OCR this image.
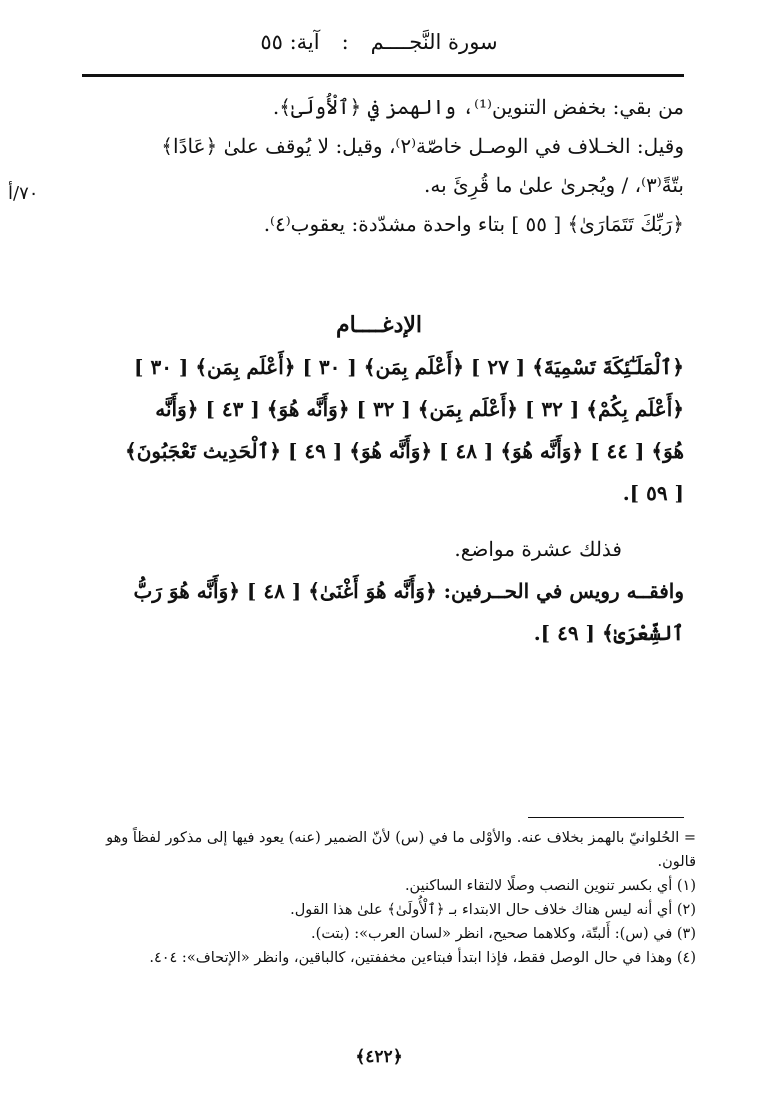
سورة النَّجــــم:آية: ٥٥
من بقي: بخفض التنوين⁽¹⁾، والهمز في ﴿ٱلْأُولَىٰ﴾.
وقيل: الخـلاف في الوصـل خاصّة⁽٢⁾، وقيل: لا يُوقف علىٰ ﴿عَادًا﴾
بتّةً⁽٣⁾، / ويُجرىٰ علىٰ ما قُرِئَ به.
﴿رَبِّكَ تَتَمَارَىٰ﴾ [ ٥٥ ] بتاء واحدة مشدّدة: يعقوب⁽٤⁾.
٧٠/أ
الإدغــــام
﴿ٱلْمَلَـٰٓئِكَةَ تَسْمِيَةَ﴾ [ ٢٧ ] ﴿أَعْلَم بِمَن﴾ [ ٣٠ ] ﴿أَعْلَم بِمَن﴾ [ ٣٠ ]
﴿أَعْلَم بِكُمْ﴾ [ ٣٢ ] ﴿أَعْلَم بِمَن﴾ [ ٣٢ ] ﴿وَأَنَّه هُوَ﴾ [ ٤٣ ] ﴿وَأَنَّه
هُوَ﴾ [ ٤٤ ] ﴿وَأَنَّه هُوَ﴾ [ ٤٨ ] ﴿وَأَنَّه هُوَ﴾ [ ٤٩ ] ﴿ٱلْحَدِيث تَعْجَبُونَ﴾
[ ٥٩ ].
فذلك عشرة مواضع.
وافقــه رويس في الحــرفين: ﴿وَأَنَّه هُوَ أَغْنَىٰ﴾ [ ٤٨ ] ﴿وَأَنَّه هُوَ رَبُّ
ٱلشِّعْرَىٰ﴾ [ ٤٩ ].
= الحُلوانيّ بالهمز بخلاف عنه. والأوْلى ما في (س) لأنّ الضمير (عنه) يعود فيها إلى مذكور لفظاً وهو
قالون.
(١) أي بكسر تنوين النصب وصلًا لالتقاء الساكنين.
(٢) أي أنه ليس هناك خلاف حال الابتداء بـ ﴿ٱلْأُولَىٰ﴾ علىٰ هذا القول.
(٣) في (س): أَلبتّة، وكلاهما صحيح، انظر «لسان العرب»: (بتت).
(٤) وهذا في حال الوصل فقط، فإذا ابتدأ فبتاءين مخففتين، كالباقين، وانظر «الإتحاف»: ٤٠٤.
﴿٤٢٢﴾
